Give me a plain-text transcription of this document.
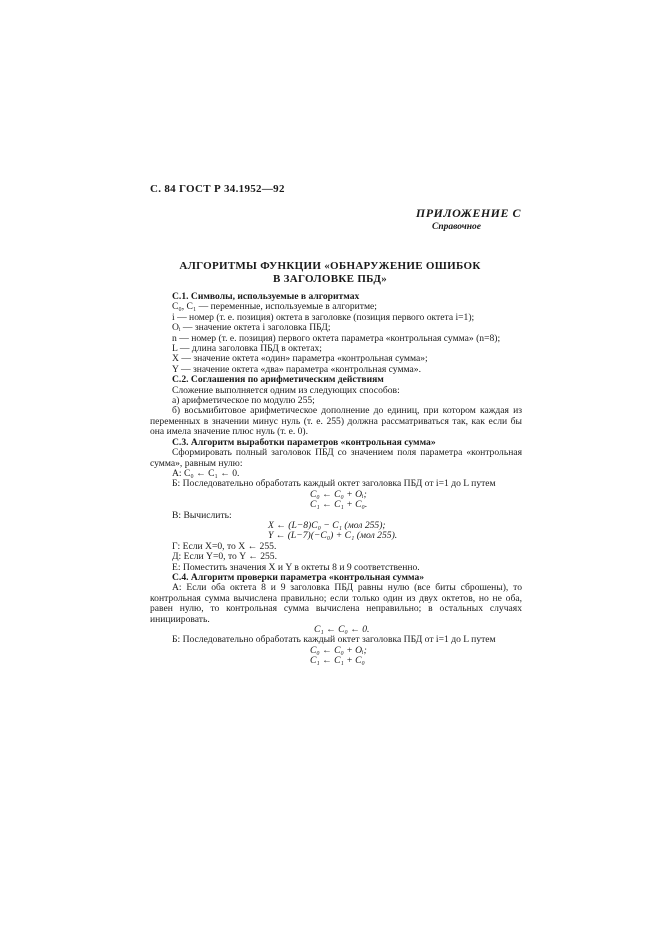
С. 84 ГОСТ Р 34.1952—92
ПРИЛОЖЕНИЕ С
Справочное
АЛГОРИТМЫ ФУНКЦИИ «ОБНАРУЖЕНИЕ ОШИБОК
В ЗАГОЛОВКЕ ПБД»

С.1. Символы, используемые в алгоритмах

C₀, C₁ — переменные, используемые в алгоритме;

i — номер (т. е. позиция) октета в заголовке (позиция первого октета i=1);

Oᵢ — значение октета i заголовка ПБД;

n — номер (т. е. позиция) первого октета параметра «контрольная сумма» (n=8);

L — длина заголовка ПБД в октетах;

X — значение октета «один» параметра «контрольная сумма»;

Y — значение октета «два» параметра «контрольная сумма».

С.2. Соглашения по арифметическим действиям

Сложение выполняется одним из следующих способов:

а) арифметическое по модулю 255;

б) восьмибитовое арифметическое дополнение до единиц, при котором каждая из переменных в значении минус нуль (т. е. 255) должна рассматриваться так, как если бы она имела значение плюс нуль (т. е. 0).

С.3. Алгоритм выработки параметров «контрольная сумма»

Сформировать полный заголовок ПБД со значением поля параметра «контрольная сумма», равным нулю:

А: C₀ ← C₁ ← 0.

Б: Последовательно обработать каждый октет заголовка ПБД от i=1 до L путем

C₀ ← C₀ + Oᵢ;

C₁ ← C₁ + C₀.

В: Вычислить:

X ← (L−8)C₀ − C₁ (мол 255);

Y ← (L−7)(−C₀) + C₁ (мол 255).

Г: Если X=0, то X ← 255.

Д: Если Y=0, то Y ← 255.

Е: Поместить значения X и Y в октеты 8 и 9 соответственно.

С.4. Алгоритм проверки параметра «контрольная сумма»

А: Если оба октета 8 и 9 заголовка ПБД равны нулю (все биты сброшены), то контрольная сумма вычислена правильно; если только один из двух октетов, но не оба, равен нулю, то контрольная сумма вычислена неправильно; в остальных случаях инициировать.

C₁ ← C₀ ← 0.

Б: Последовательно обработать каждый октет заголовка ПБД от i=1 до L путем

C₀ ← C₀ + Oᵢ;

C₁ ← C₁ + C₀
